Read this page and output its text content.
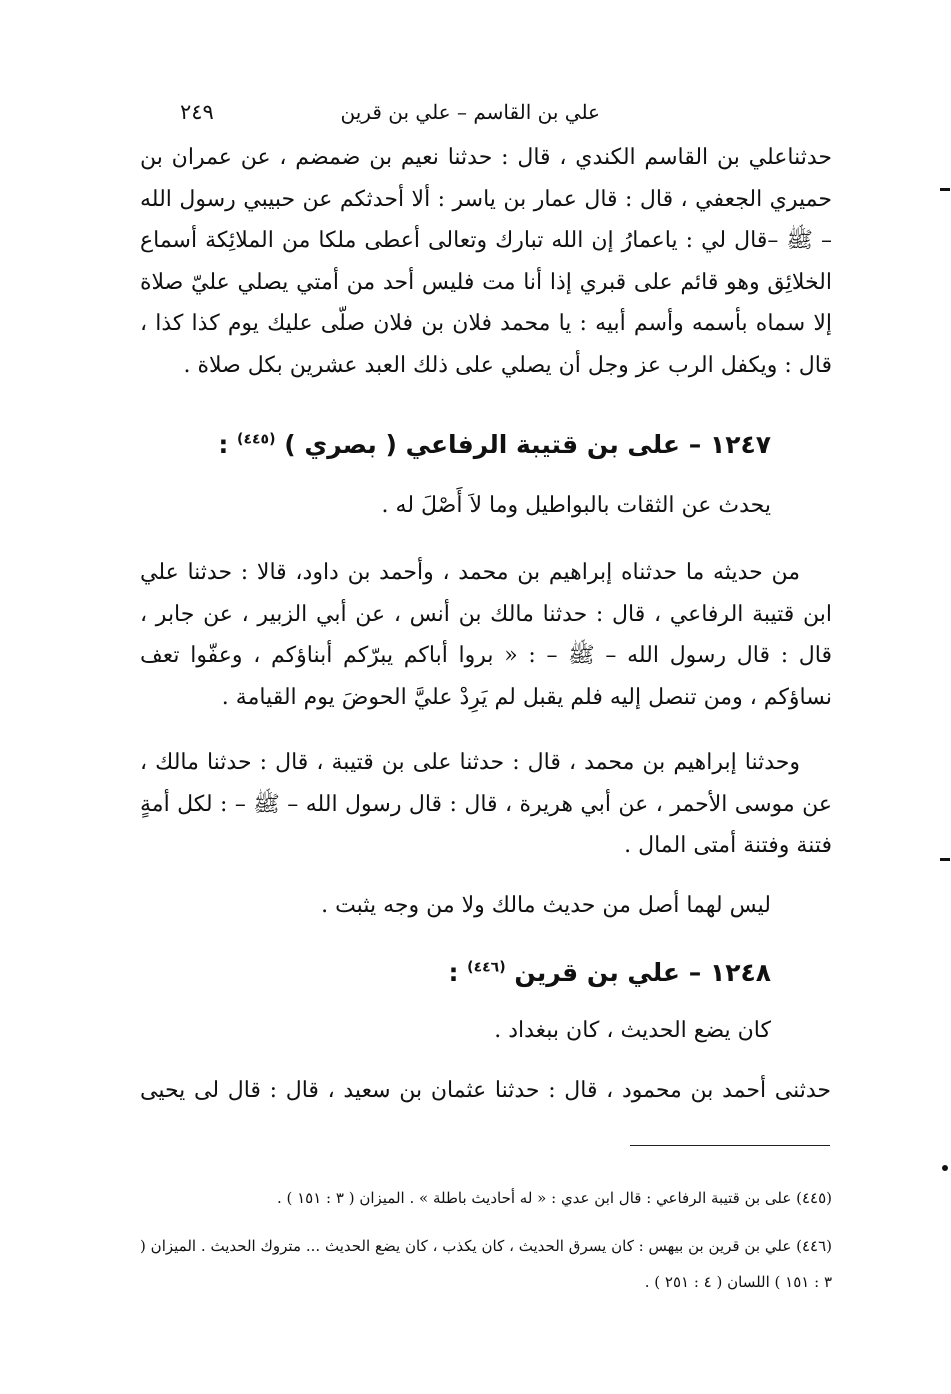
علي بن القاسم – علي بن قرين
٢٤٩
حدثناعلي بن القاسم الكندي ، قال : حدثنا نعيم بن ضمضم ، عن عمران بن حميري الجعفي ، قال : قال عمار بن ياسر : ألا أحدثكم عن حبيبي رسول الله – ﷺ –قال لي : ياعمارُ إن الله تبارك وتعالى أعطى ملكا من الملائِكة أسماع الخلائِق وهو قائم على قبري إذا أنا مت فليس أحد من أمتي يصلي عليّ صلاة إلا سماه بأسمه وأسم أبيه : يا محمد فلان بن فلان صلّى عليك يوم كذا كذا ، قال : ويكفل الرب عز وجل أن يصلي على ذلك العبد عشرين بكل صلاة .
١٢٤٧ – على بن قتيبة الرفاعي ( بصري ) $^{(٤٤٥)}$ :
يحدث عن الثقات بالبواطيل وما لاَ أَصْلَ له .
من حديثه ما حدثناه إبراهيم بن محمد ، وأحمد بن داود، قالا : حدثنا علي ابن قتيبة الرفاعي ، قال : حدثنا مالك بن أنس ، عن أبي الزبير ، عن جابر ، قال : قال رسول الله – ﷺ – : « بروا أباكم يبرّكم أبناؤكم ، وعفّوا تعف نساؤكم ، ومن تنصل إليه فلم يقبل لم يَرِدْ عليَّ الحوضَ يوم القيامة .
وحدثنا إبراهيم بن محمد ، قال : حدثنا على بن قتيبة ، قال : حدثنا مالك ، عن موسى الأحمر ، عن أبي هريرة ، قال : قال رسول الله – ﷺ – : لكل أمةٍ فتنة وفتنة أمتى المال .
ليس لهما أصل من حديث مالك ولا من وجه يثبت .
١٢٤٨ – علي بن قرين $^{(٤٤٦)}$ :
كان يضع الحديث ، كان ببغداد .
حدثنى أحمد بن محمود ، قال : حدثنا عثمان بن سعيد ، قال : قال لى يحيى

(٤٤٥) على بن قتيبة الرفاعي : قال ابن عدي : « له أحاديث باطلة » . الميزان ( ٣ : ١٥١ ) .

(٤٤٦) علي بن قرين بن بيهس : كان يسرق الحديث ، كان يكذب ، كان يضع الحديث ... متروك الحديث . الميزان ( ٣ : ١٥١ ) اللسان ( ٤ : ٢٥١ ) .
